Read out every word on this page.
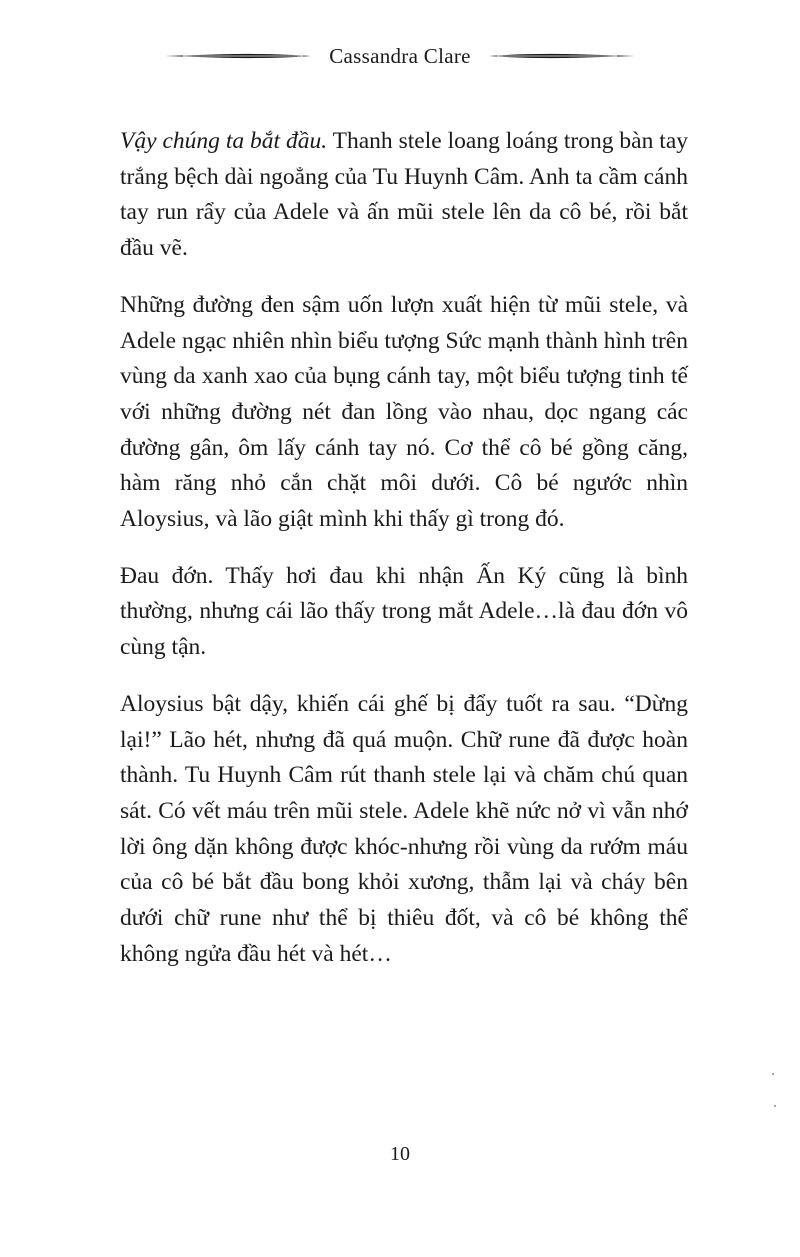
Cassandra Clare

Vậy chúng ta bắt đầu. Thanh stele loang loáng trong bàn tay trắng bệch dài ngoẳng của Tu Huynh Câm. Anh ta cầm cánh tay run rẩy của Adele và ấn mũi stele lên da cô bé, rồi bắt đầu vẽ.

Những đường đen sậm uốn lượn xuất hiện từ mũi stele, và Adele ngạc nhiên nhìn biểu tượng Sức mạnh thành hình trên vùng da xanh xao của bụng cánh tay, một biểu tượng tinh tế với những đường nét đan lồng vào nhau, dọc ngang các đường gân, ôm lấy cánh tay nó. Cơ thể cô bé gồng căng, hàm răng nhỏ cắn chặt môi dưới. Cô bé ngước nhìn Aloysius, và lão giật mình khi thấy gì trong đó.

Đau đớn. Thấy hơi đau khi nhận Ấn Ký cũng là bình thường, nhưng cái lão thấy trong mắt Adele…là đau đớn vô cùng tận.

Aloysius bật dậy, khiến cái ghế bị đẩy tuốt ra sau. “Dừng lại!” Lão hét, nhưng đã quá muộn. Chữ rune đã được hoàn thành. Tu Huynh Câm rút thanh stele lại và chăm chú quan sát. Có vết máu trên mũi stele. Adele khẽ nức nở vì vẫn nhớ lời ông dặn không được khóc-nhưng rồi vùng da rướm máu của cô bé bắt đầu bong khỏi xương, thẫm lại và cháy bên dưới chữ rune như thể bị thiêu đốt, và cô bé không thể không ngửa đầu hét và hét…

10
